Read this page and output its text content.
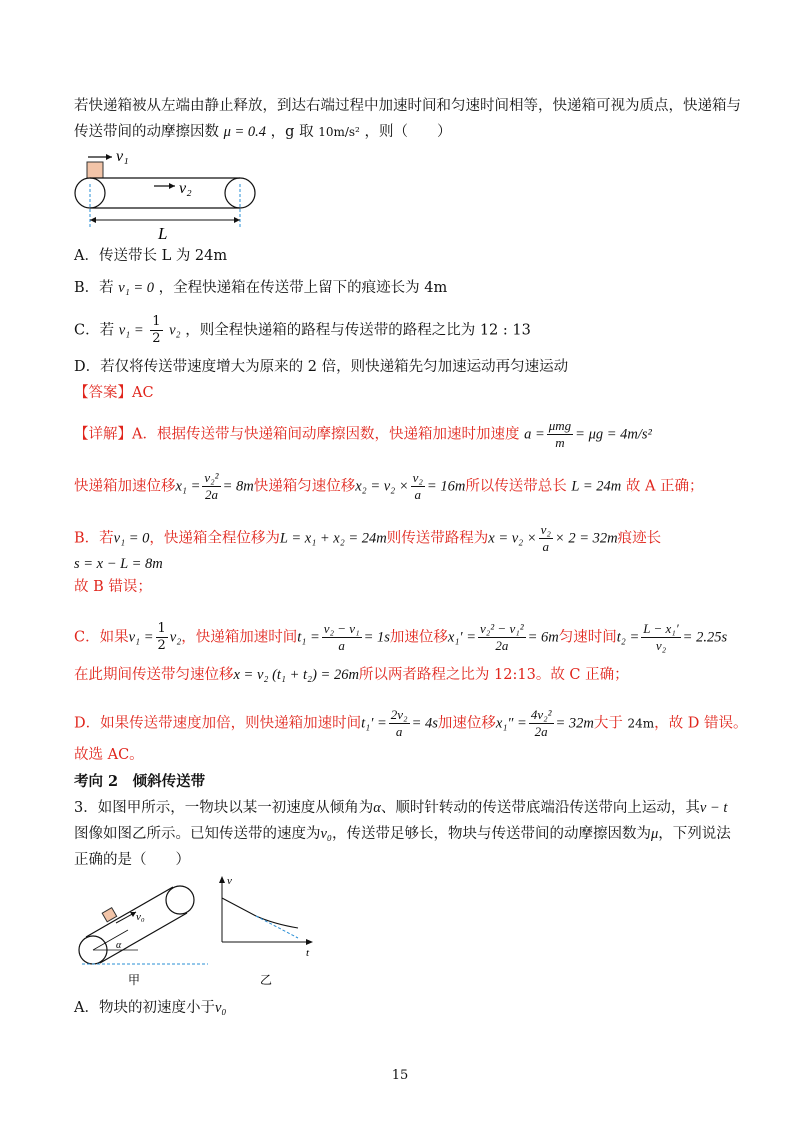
若快递箱被从左端由静止释放，到达右端过程中加速时间和匀速时间相等，快递箱可视为质点，快递箱与
传送带间的动摩擦因数 μ = 0.4 ，g 取 10m/s² ，则（　　）
v₁
v₂
L
A．传送带长 L 为 24m
B．若 v₁ = 0 ，全程快递箱在传送带上留下的痕迹长为 4m
C．若 $v_1 = \frac{1}{2} v_2$ ，则全程快递箱的路程与传送带的路程之比为 12 : 13
D．若仅将传送带速度增大为原来的 2 倍，则快递箱先匀加速运动再匀速运动
【答案】AC
【详解】A．根据传送带与快递箱间动摩擦因数，快递箱加速时加速度 $a = \frac{\text{μmg}}{m} = \mu g = 4m/s^2$
快递箱加速位移$x_1 = \frac{\text{v₂²}}{2a} = 8m$快递箱匀速位移$x_2 = v_2 \times \frac{\text{v₂}}{a} = 16m$所以传送带总长 L = 24m 故 A 正确；
B．若v₁ = 0，快递箱全程位移为L = x₁ + x₂ = 24m则传送带路程为$x = v_2 \times \frac{\text{v₂}}{a} \times 2 = 32m$痕迹长
s = x − L = 8m
故 B 错误；
C．如果$v_1 = \frac{1}{2} v_2$，快递箱加速时间$t_1 = \frac{\text{v₂ − v₁}}{a} = 1s$加速位移$x_1' = \frac{\text{v₂² − v₁²}}{2a} = 6m$匀速时间$t_2 = \frac{\text{L − x₁′}}{\text{v₂}} = 2.25s$
在此期间传送带匀速位移x = v₂ (t₁ + t₂) = 26m所以两者路程之比为 12:13。故 C 正确；
D．如果传送带速度加倍，则快递箱加速时间$t_1' = \frac{\text{2v₂}}{a} = 4s$加速位移$x_1'' = \frac{\text{4v₂²}}{2a} = 32m$大于 24m，故 D 错误。
故选 AC。
考向 2　倾斜传送带
3．如图甲所示，一物块以某一初速度从倾角为α、顺时针转动的传送带底端沿传送带向上运动，其v − t
图像如图乙所示。已知传送带的速度为v₀，传送带足够长，物块与传送带间的动摩擦因数为μ，下列说法
正确的是（　　）
v₀
α
甲
v
t
乙
A．物块的初速度小于v₀
15
